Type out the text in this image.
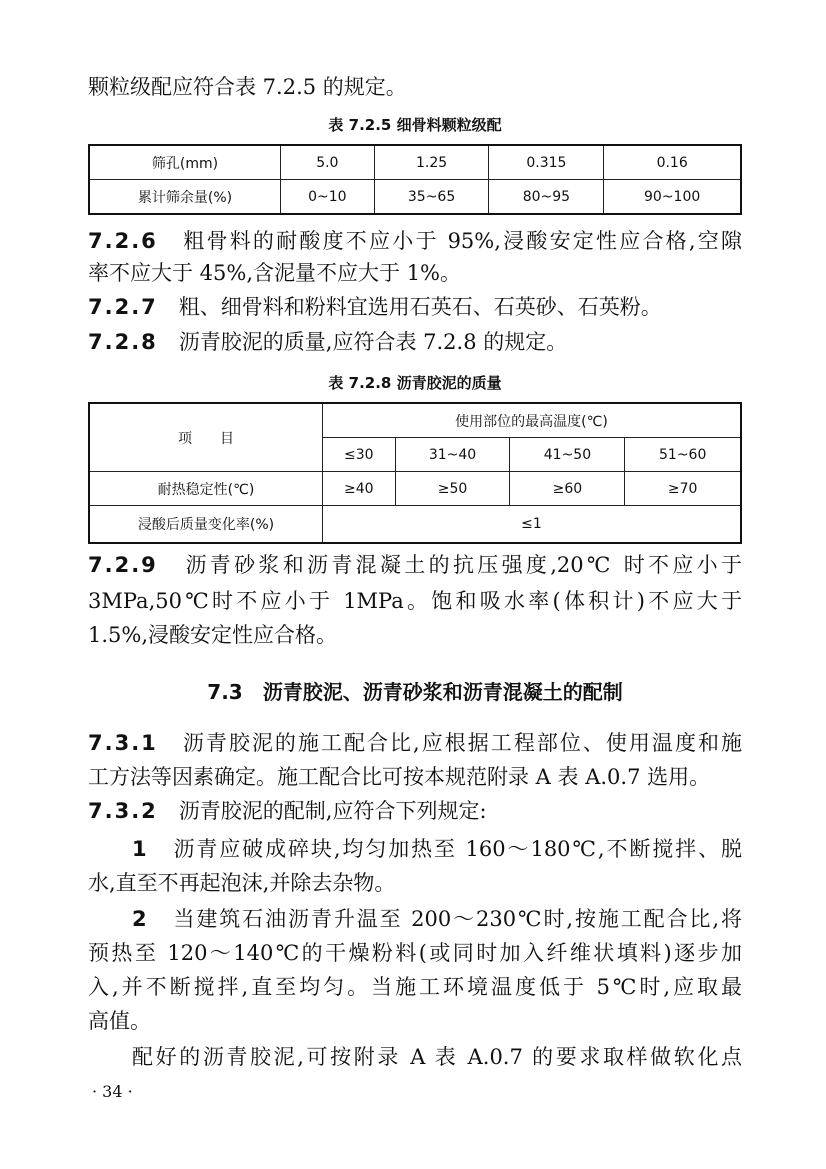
颗粒级配应符合表 7.2.5 的规定。
表 7.2.5 细骨料颗粒级配
筛孔(mm)	5.0	1.25	0.315	0.16
累计筛余量(%)	0~10	35~65	80~95	90~100
7.2.6　 粗骨料的耐酸度不应小于 95%,浸酸安定性应合格,空隙
率不应大于 45%,含泥量不应大于 1%。
7.2.7　 粗、细骨料和粉料宜选用石英石、石英砂、石英粉。
7.2.8　 沥青胶泥的质量,应符合表 7.2.8 的规定。
表 7.2.8 沥青胶泥的质量
项　　目	使用部位的最高温度(℃)			
	≤30	31~40	41~50	51~60
耐热稳定性(℃)	≥40	≥50	≥60	≥70
浸酸后质量变化率(%)	≤1			
7.2.9　 沥青砂浆和沥青混凝土的抗压强度,20℃ 时不应小于
3MPa,50℃时不应小于 1MPa。饱和吸水率(体积计)不应大于
1.5%,浸酸安定性应合格。
7.3　 沥青胶泥、沥青砂浆和沥青混凝土的配制
7.3.1　 沥青胶泥的施工配合比,应根据工程部位、使用温度和施
工方法等因素确定。施工配合比可按本规范附录 A 表 A.0.7 选用。
7.3.2　 沥青胶泥的配制,应符合下列规定:
1　 沥青应破成碎块,均匀加热至 160～180℃,不断搅拌、脱
水,直至不再起泡沫,并除去杂物。
2　 当建筑石油沥青升温至 200～230℃时,按施工配合比,将
预热至 120～140℃的干燥粉料(或同时加入纤维状填料)逐步加
入,并不断搅拌,直至均匀。当施工环境温度低于 5℃时,应取最
高值。
配好的沥青胶泥,可按附录 A 表 A.0.7 的要求取样做软化点
· 34 ·
